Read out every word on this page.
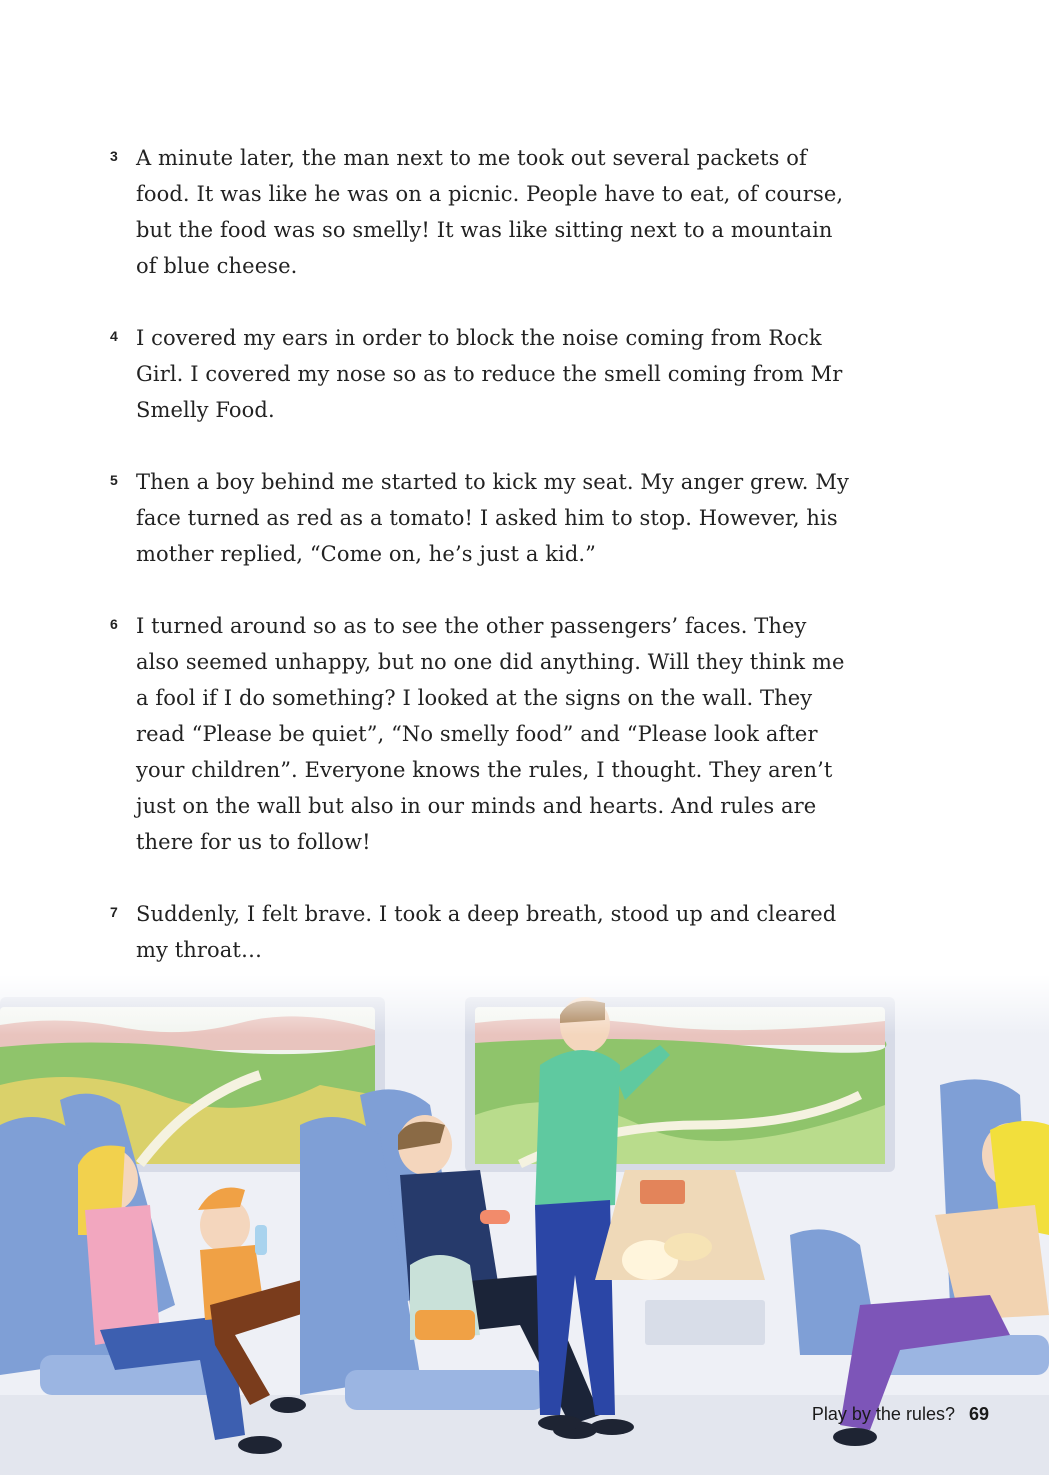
3 A minute later, the man next to me took out several packets of food. It was like he was on a picnic. People have to eat, of course, but the food was so smelly! It was like sitting next to a mountain of blue cheese.

4 I covered my ears in order to block the noise coming from Rock Girl. I covered my nose so as to reduce the smell coming from Mr Smelly Food.

5 Then a boy behind me started to kick my seat. My anger grew. My face turned as red as a tomato! I asked him to stop. However, his mother replied, “Come on, he’s just a kid.”

6 I turned around so as to see the other passengers’ faces. They also seemed unhappy, but no one did anything. Will they think me a fool if I do something? I looked at the signs on the wall. They read “Please be quiet”, “No smelly food” and “Please look after your children”. Everyone knows the rules, I thought. They aren’t just on the wall but also in our minds and hearts. And rules are there for us to follow!

7 Suddenly, I felt brave. I took a deep breath, stood up and cleared my throat…

Play by the rules? 69
